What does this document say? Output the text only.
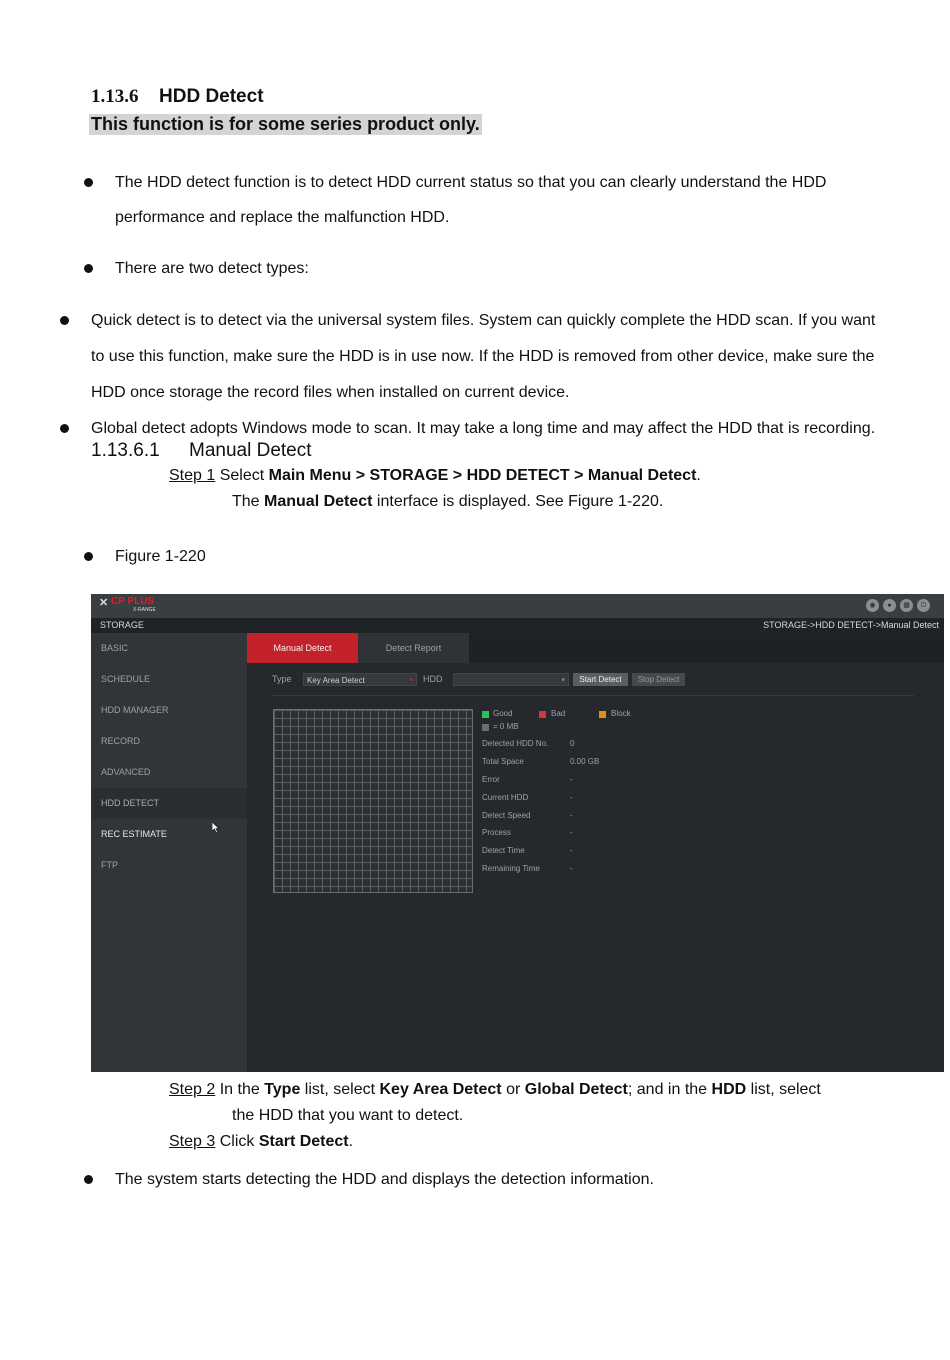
1.13.6 HDD Detect
This function is for some series product only.
The HDD detect function is to detect HDD current status so that you can clearly understand the HDD
performance and replace the malfunction HDD.
There are two detect types:
Quick detect is to detect via the universal system files. System can quickly complete the HDD scan. If you want
to use this function, make sure the HDD is in use now. If the HDD is removed from other device, make sure the
HDD once storage the record files when installed on current device.
Global detect adopts Windows mode to scan. It may take a long time and may affect the HDD that is recording.
1.13.6.1 Manual Detect
Step 1 Select Main Menu > STORAGE > HDD DETECT > Manual Detect.
The Manual Detect interface is displayed. See Figure 1-220.
Figure 1-220
✕ CP PLUS
X-RANGE
◉	●	▦	⏻
STORAGE	STORAGE->HDD DETECT->Manual Detect
BASIC
SCHEDULE
HDD MANAGER
RECORD
ADVANCED
HDD DETECT
REC ESTIMATE
FTP
Manual Detect	Detect Report
Type	Key Area Detect	▾ HDD	▾	Start Detect	Stop Detect
Good	Bad	Block
= 0 MB
Detected HDD No.	0
Total Space	0.00 GB
Error	-
Current HDD	-
Detect Speed	-
Process	-
Detect Time	-
Remaining Time	-
Step 2 In the Type list, select Key Area Detect or Global Detect; and in the HDD list, select
the HDD that you want to detect.
Step 3 Click Start Detect.
The system starts detecting the HDD and displays the detection information.
